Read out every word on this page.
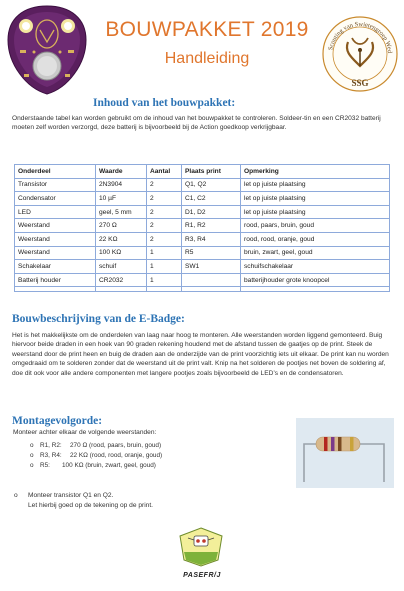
BOUWPAKKET 2019
Handleiding
Scouting van Swietengroep Wed
SSG
Inhoud van het bouwpakket:
Onderstaande tabel kan worden gebruikt om de inhoud van het bouwpakket te controleren. Soldeer-tin en een CR2032 batterij moeten zelf worden verzorgd, deze batterij is bijvoorbeeld bij de Action goedkoop verkrijgbaar.
Onderdeel	Waarde	Aantal	Plaats print	Opmerking
Transistor	2N3904	2	Q1, Q2	let op juiste plaatsing
Condensator	10 µF	2	C1, C2	let op juiste plaatsing
LED	geel, 5 mm	2	D1, D2	let op juiste plaatsing
Weerstand	270 Ω	2	R1, R2	rood, paars, bruin, goud
Weerstand	22 KΩ	2	R3, R4	rood, rood, oranje, goud
Weerstand	100 KΩ	1	R5	bruin, zwart, geel, goud
Schakelaar	schuif	1	SW1	schuifschakelaar
Batterij houder	CR2032	1		batterijhouder grote knoopcel

Bouwbeschrijving van de E-Badge:
Het is het makkelijkste om de onderdelen van laag naar hoog te monteren. Alle weerstanden worden liggend gemonteerd. Buig hiervoor beide draden in een hoek van 90 graden rekening houdend met de afstand tussen de gaatjes op de print. Steek de weerstand door de print heen en buig de draden aan de onderzijde van de print voorzichtig iets uit elkaar. De print kan nu worden omgedraaid om te solderen zonder dat de weerstand uit de print valt. Knip na het solderen de pootjes net boven de soldering af, doe dit ook voor alle andere componenten met langere pootjes zoals bijvoorbeeld de LED’s en de condensatoren.
Montagevolgorde:
Monteer achter elkaar de volgende weerstanden:
o	R1, R2:	270 Ω (rood, paars, bruin, goud)
o	R3, R4:	22 KΩ (rood, rood, oranje, goud)
o	R5:	100 KΩ (bruin, zwart, geel, goud)
o Monteer transistor Q1 en Q2.
Let hierbij goed op de tekening op de print.
PASEFR/J
